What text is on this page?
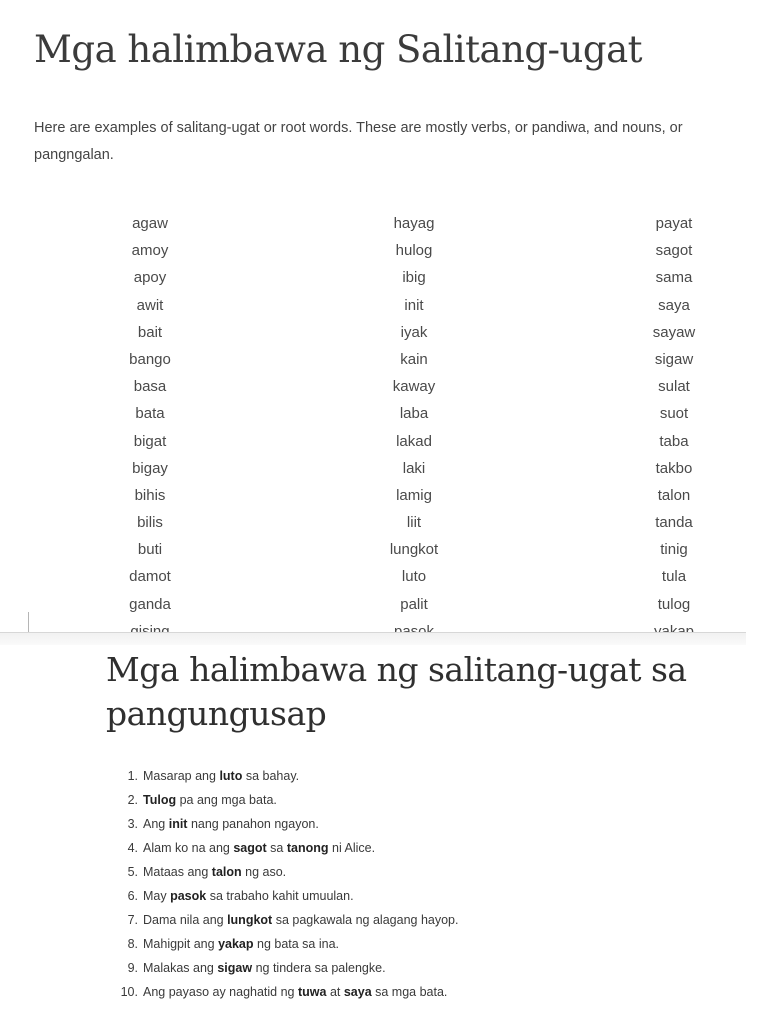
Mga halimbawa ng Salitang-ugat

Here are examples of salitang-ugat or root words. These are mostly verbs, or pandiwa, and nouns, or pangngalan.

agaw
amoy
apoy
awit
bait
bango
basa
bata
bigat
bigay
bihis
bilis
buti
damot
ganda
hayag
hulog
ibig
init
iyak
kain
kaway
laba
lakad
laki
lamig
liit
lungkot
luto
palit
payat
sagot
sama
saya
sayaw
sigaw
sulat
suot
taba
takbo
talon
tanda
tinig
tula
tulog
Mga halimbawa ng salitang-ugat sa pangungusap
1. Masarap ang luto sa bahay.
2. Tulog pa ang mga bata.
3. Ang init nang panahon ngayon.
4. Alam ko na ang sagot sa tanong ni Alice.
5. Mataas ang talon ng aso.
6. May pasok sa trabaho kahit umuulan.
7. Dama nila ang lungkot sa pagkawala ng alagang hayop.
8. Mahigpit ang yakap ng bata sa ina.
9. Malakas ang sigaw ng tindera sa palengke.
10. Ang payaso ay naghatid ng tuwa at saya sa mga bata.
